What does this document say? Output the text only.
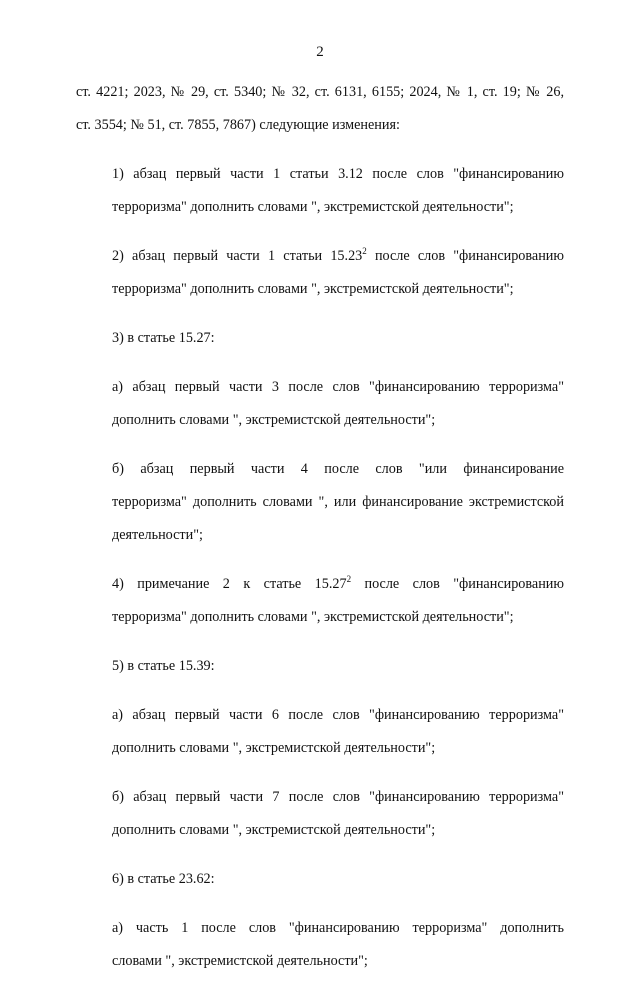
2

ст. 4221; 2023, № 29, ст. 5340; № 32, ст. 6131, 6155; 2024, № 1, ст. 19; № 26,
ст. 3554; № 51, ст. 7855, 7867) следующие изменения:

1) абзац первый части 1 статьи 3.12 после слов "финансированию
терроризма" дополнить словами ", экстремистской деятельности";

2) абзац первый части 1 статьи 15.23$^2$ после слов "финансированию
терроризма" дополнить словами ", экстремистской деятельности";

3) в статье 15.27:

а) абзац первый части 3 после слов "финансированию терроризма"
дополнить словами ", экстремистской деятельности";

б) абзац первый части 4 после слов "или финансирование
терроризма" дополнить словами ", или финансирование экстремистской
деятельности";

4) примечание 2 к статье 15.27$^2$ после слов "финансированию
терроризма" дополнить словами ", экстремистской деятельности";

5) в статье 15.39:

а) абзац первый части 6 после слов "финансированию терроризма"
дополнить словами ", экстремистской деятельности";

б) абзац первый части 7 после слов "финансированию терроризма"
дополнить словами ", экстремистской деятельности";

6) в статье 23.62:

а) часть 1 после слов "финансированию терроризма" дополнить
словами ", экстремистской деятельности";
